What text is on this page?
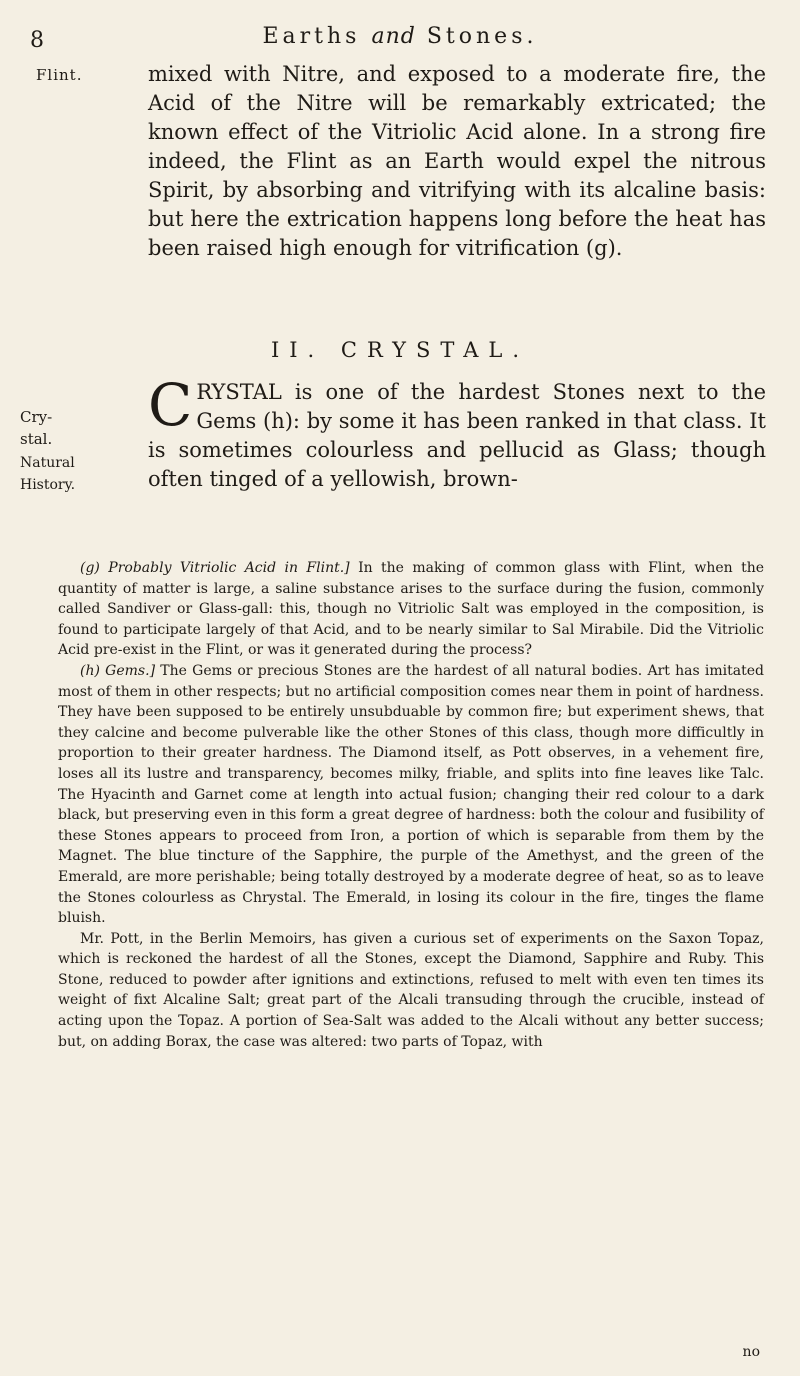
8	Earths and Stones.
Flint.	mixed with Nitre, and exposed to a moderate fire, the Acid of the Nitre will be remarkably extricated; the known effect of the Vitriolic Acid alone. In a strong fire indeed, the Flint as an Earth would expel the nitrous Spirit, by absorbing and vitrifying with its alcaline basis: but here the extrication happens long before the heat has been raised high enough for vitrification (g).

II. CRYSTAL.
Cry-
stal.
Natural
History.
C RYSTAL is one of the hardest Stones next to the Gems (h): by some it has been ranked in that class. It is sometimes colourless and pellucid as Glass; though often tinged of a yellowish, brown-

(g) Probably Vitriolic Acid in Flint.] In the making of common glass with Flint, when the quantity of matter is large, a saline substance arises to the surface during the fusion, commonly called Sandiver or Glass-gall: this, though no Vitriolic Salt was employed in the composition, is found to participate largely of that Acid, and to be nearly similar to Sal Mirabile. Did the Vitriolic Acid pre-exist in the Flint, or was it generated during the process?

(h) Gems.] The Gems or precious Stones are the hardest of all natural bodies. Art has imitated most of them in other respects; but no artificial composition comes near them in point of hardness. They have been supposed to be entirely unsubduable by common fire; but experiment shews, that they calcine and become pulverable like the other Stones of this class, though more difficultly in proportion to their greater hardness. The Diamond itself, as Pott observes, in a vehement fire, loses all its lustre and transparency, becomes milky, friable, and splits into fine leaves like Talc. The Hyacinth and Garnet come at length into actual fusion; changing their red colour to a dark black, but preserving even in this form a great degree of hardness: both the colour and fusibility of these Stones appears to proceed from Iron, a portion of which is separable from them by the Magnet. The blue tincture of the Sapphire, the purple of the Amethyst, and the green of the Emerald, are more perishable; being totally destroyed by a moderate degree of heat, so as to leave the Stones colourless as Chrystal. The Emerald, in losing its colour in the fire, tinges the flame bluish.

Mr. Pott, in the Berlin Memoirs, has given a curious set of experiments on the Saxon Topaz, which is reckoned the hardest of all the Stones, except the Diamond, Sapphire and Ruby. This Stone, reduced to powder after ignitions and extinctions, refused to melt with even ten times its weight of fixt Alcaline Salt; great part of the Alcali transuding through the crucible, instead of acting upon the Topaz. A portion of Sea-Salt was added to the Alcali without any better success; but, on adding Borax, the case was altered: two parts of Topaz, with

no
